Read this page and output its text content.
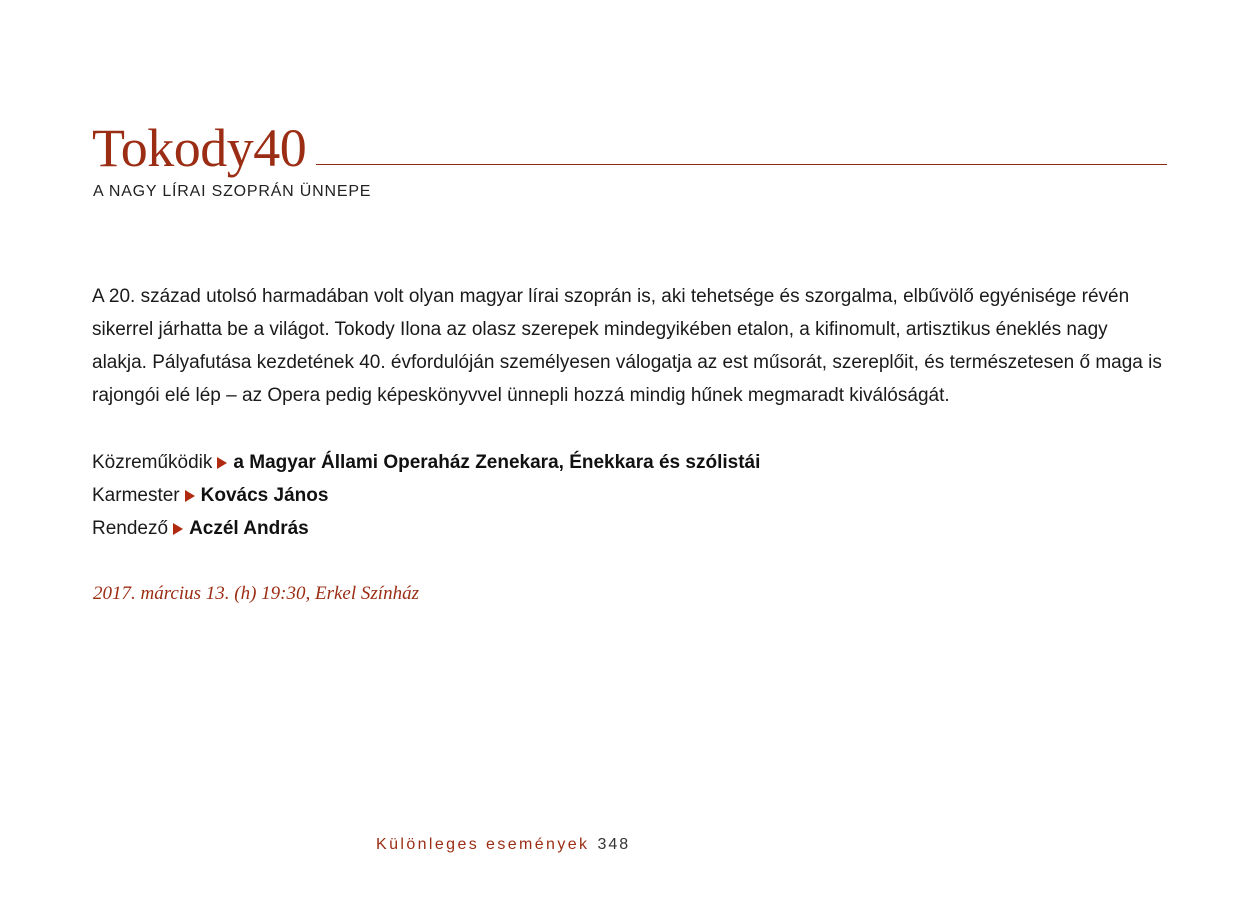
Tokody40
A NAGY LÍRAI SZOPRÁN ÜNNEPE

A 20. század utolsó harmadában volt olyan magyar lírai szoprán is, aki tehetsége és szorgalma, elbűvölő egyénisége révén
sikerrel járhatta be a világot. Tokody Ilona az olasz szerepek mindegyikében etalon, a kifinomult, artisztikus éneklés nagy
alakja. Pályafutása kezdetének 40. évfordulóján személyesen válogatja az est műsorát, szereplőit, és természetesen ő maga is
rajongói elé lép – az Opera pedig képeskönyvvel ünnepli hozzá mindig hűnek megmaradt kiválóságát.

Közreműködik a Magyar Állami Operaház Zenekara, Énekkara és szólistái
Karmester Kovács János
Rendező Aczél András
2017. március 13. (h) 19:30, Erkel Színház
Különleges események 348
